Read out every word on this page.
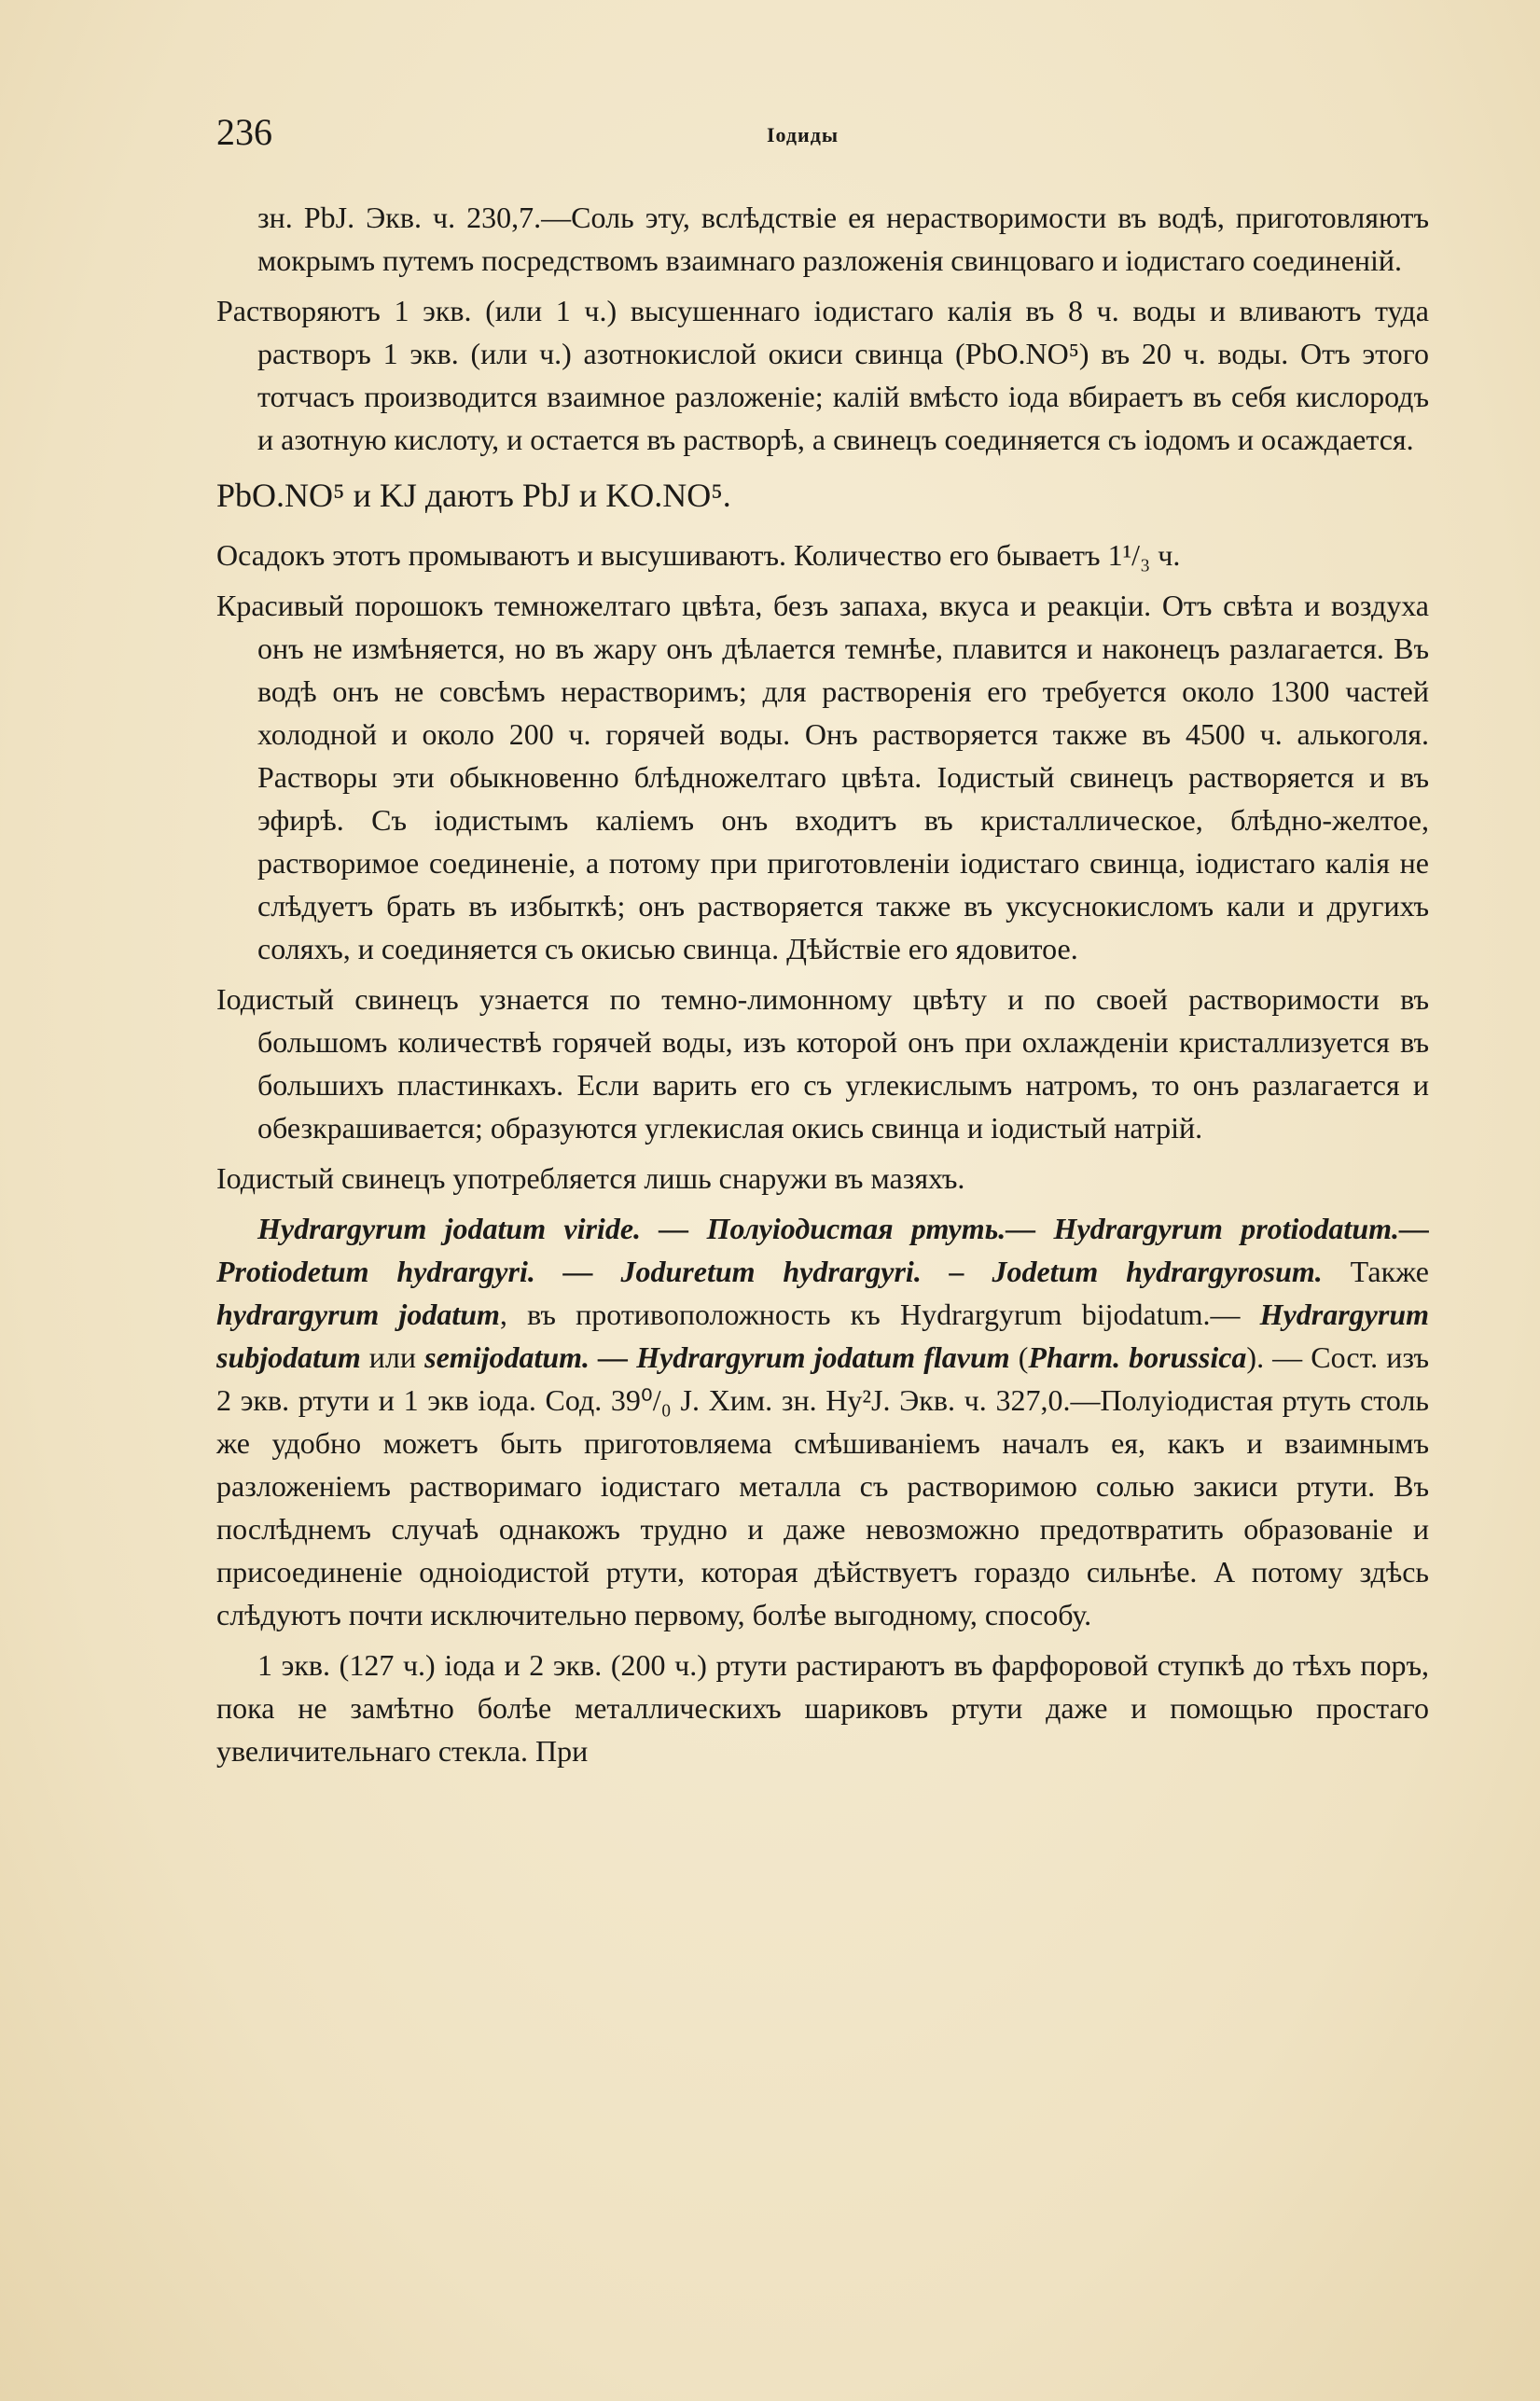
236	Іодиды

зн. PbJ. Экв. ч. 230,7.—Соль эту, вслѣдствіе ея нерастворимости въ водѣ, приготовляютъ мокрымъ путемъ посредствомъ взаимнаго разложенія свинцоваго и іодистаго соединеній.

Растворяютъ 1 экв. (или 1 ч.) высушеннаго іодистаго калія въ 8 ч. воды и вливаютъ туда растворъ 1 экв. (или ч.) азотнокислой окиси свинца (PbO.NO⁵) въ 20 ч. воды. Отъ этого тотчасъ производится взаимное разложеніе; калій вмѣсто іода вбираетъ въ себя кислородъ и азотную кислоту, и остается въ растворѣ, а свинецъ соединяется съ іодомъ и осаждается.

PbO.NO⁵ и KJ даютъ PbJ и KO.NO⁵.

Осадокъ этотъ промываютъ и высушиваютъ. Количество его бываетъ 1¹/₃ ч.

Красивый порошокъ темножелтаго цвѣта, безъ запаха, вкуса и реакціи. Отъ свѣта и воздуха онъ не измѣняется, но въ жару онъ дѣлается темнѣе, плавится и наконецъ разлагается. Въ водѣ онъ не совсѣмъ нерастворимъ; для растворенія его требуется около 1300 частей холодной и около 200 ч. горячей воды. Онъ растворяется также въ 4500 ч. алькоголя. Растворы эти обыкновенно блѣдножелтаго цвѣта. Іодистый свинецъ растворяется и въ эфирѣ. Съ іодистымъ каліемъ онъ входитъ въ кристаллическое, блѣдно-желтое, растворимое соединеніе, а потому при приготовленіи іодистаго свинца, іодистаго калія не слѣдуетъ брать въ избыткѣ; онъ растворяется также въ уксуснокисломъ кали и другихъ соляхъ, и соединяется съ окисью свинца. Дѣйствіе его ядовитое.

Іодистый свинецъ узнается по темно-лимонному цвѣту и по своей растворимости въ большомъ количествѣ горячей воды, изъ которой онъ при охлажденіи кристаллизуется въ большихъ пластинкахъ. Если варить его съ углекислымъ натромъ, то онъ разлагается и обезкрашивается; образуются углекислая окись свинца и іодистый натрій.

Іодистый свинецъ употребляется лишь снаружи въ мазяхъ.

Hydrargyrum jodatum viride. — Полуіодистая ртуть.— Hydrargyrum protiodatum.— Protiodetum hydrargyri. — Joduretum hydrargyri. – Jodetum hydrargyrosum. Также hydrargyrum jodatum, въ противоположность къ Hydrargyrum bijodatum.— Hydrargyrum subjodatum или semijodatum. — Hydrargyrum jodatum flavum (Pharm. borussica). — Сост. изъ 2 экв. ртути и 1 экв іода. Сод. 39⁰/₀ J. Хим. зн. Hy²J. Экв. ч. 327,0.—Полуіодистая ртуть столь же удобно можетъ быть приготовляема смѣшиваніемъ началъ ея, какъ и взаимнымъ разложеніемъ растворимаго іодистаго металла съ растворимою солью закиси ртути. Въ послѣднемъ случаѣ однакожъ трудно и даже невозможно предотвратить образованіе и присоединеніе одноіодистой ртути, которая дѣйствуетъ гораздо сильнѣе. А потому здѣсь слѣдуютъ почти исключительно первому, болѣе выгодному, способу.

1 экв. (127 ч.) іода и 2 экв. (200 ч.) ртути растираютъ въ фарфоровой ступкѣ до тѣхъ поръ, пока не замѣтно болѣе металлическихъ шариковъ ртути даже и помощью простаго увеличительнаго стекла. При
